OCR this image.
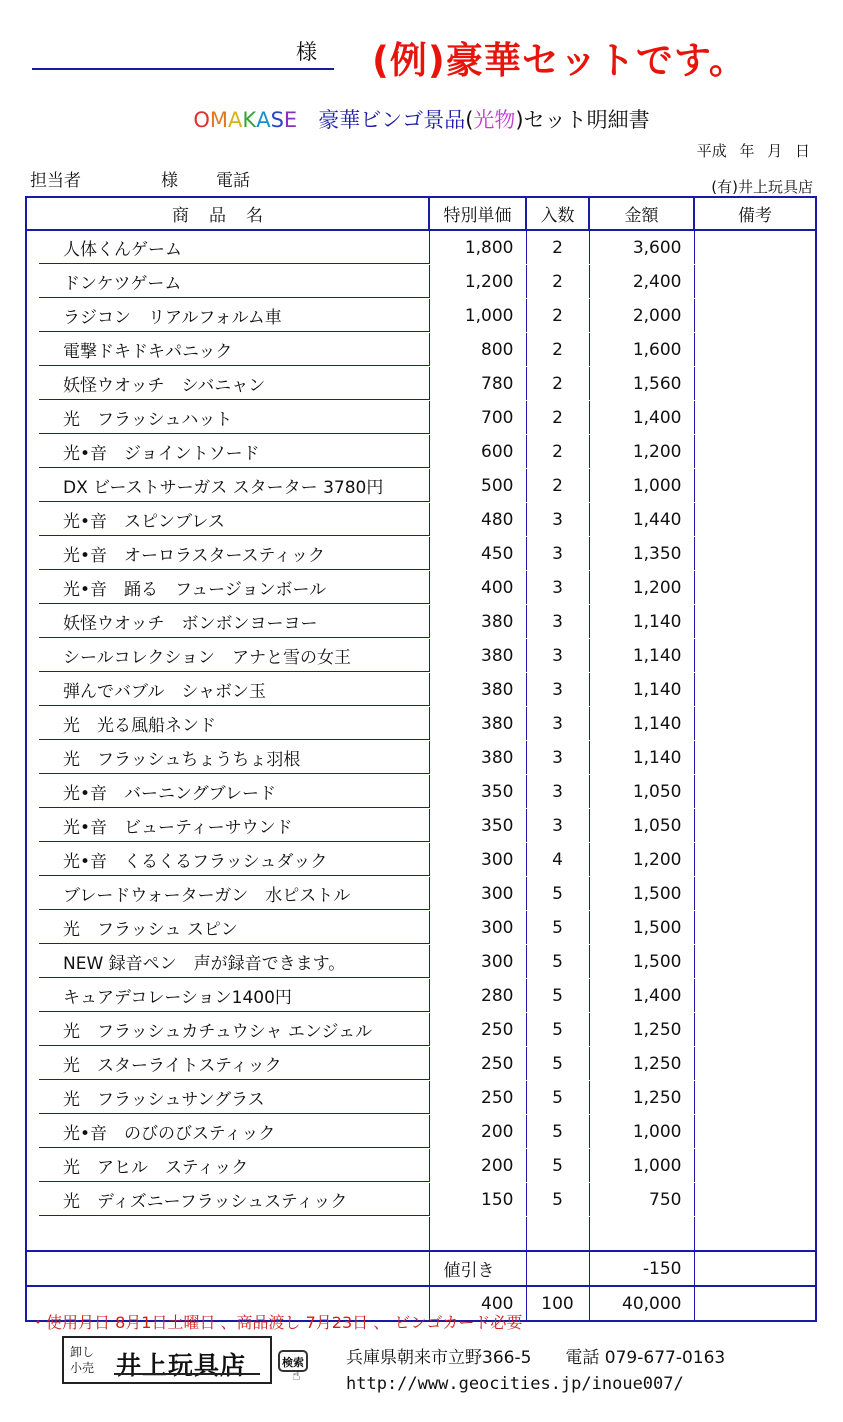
様 (例)豪華セットです。
OMAKASE　豪華ビンゴ景品(光物)セット明細書
平成 年 月 日
担当者	様 電話	(有)井上玩具店
商品名	特別単価	入数	金額	備考

人体くんゲーム	1,800	2	3,600	

ドンケツゲーム	1,200	2	2,400	

ラジコン　リアルフォルム車	1,000	2	2,000	

電撃ドキドキパニック	800	2	1,600	

妖怪ウオッチ　シバニャン	780	2	1,560	

光　フラッシュハット	700	2	1,400	

光•音　ジョイントソード	600	2	1,200	

DX ビーストサーガス スターター 3780円	500	2	1,000	

光•音　スピンブレス	480	3	1,440	

光•音　オーロラスタースティック	450	3	1,350	

光•音　踊る　フュージョンボール	400	3	1,200	

妖怪ウオッチ　ボンボンヨーヨー	380	3	1,140	

シールコレクション　アナと雪の女王	380	3	1,140	

弾んでバブル　シャボン玉	380	3	1,140	

光　光る風船ネンド	380	3	1,140	

光　フラッシュちょうちょ羽根	380	3	1,140	

光•音　バーニングブレード	350	3	1,050	

光•音　ビューティーサウンド	350	3	1,050	

光•音　くるくるフラッシュダック	300	4	1,200	

ブレードウォーターガン　水ピストル	300	5	1,500	

光　フラッシュ スピン	300	5	1,500	

NEW 録音ペン　声が録音できます。	300	5	1,500	

キュアデコレーション1400円	280	5	1,400	

光　フラッシュカチュウシャ エンジェル	250	5	1,250	

光　スターライトスティック	250	5	1,250	

光　フラッシュサングラス	250	5	1,250	

光•音　のびのびスティック	200	5	1,000	

光　アヒル　スティック	200	5	1,000	

光　ディズニーフラッシュスティック	150	5	750	

	値引き		-150	
	400	100	40,000	
・使用月日 8月1日土曜日 、商品渡し 7月23日 、 ビンゴカード必要
卸し
小売 井上玩具店	検索
☝
兵庫県朝来市立野366-5　　電話 079-677-0163
http://www.geocities.jp/inoue007/
